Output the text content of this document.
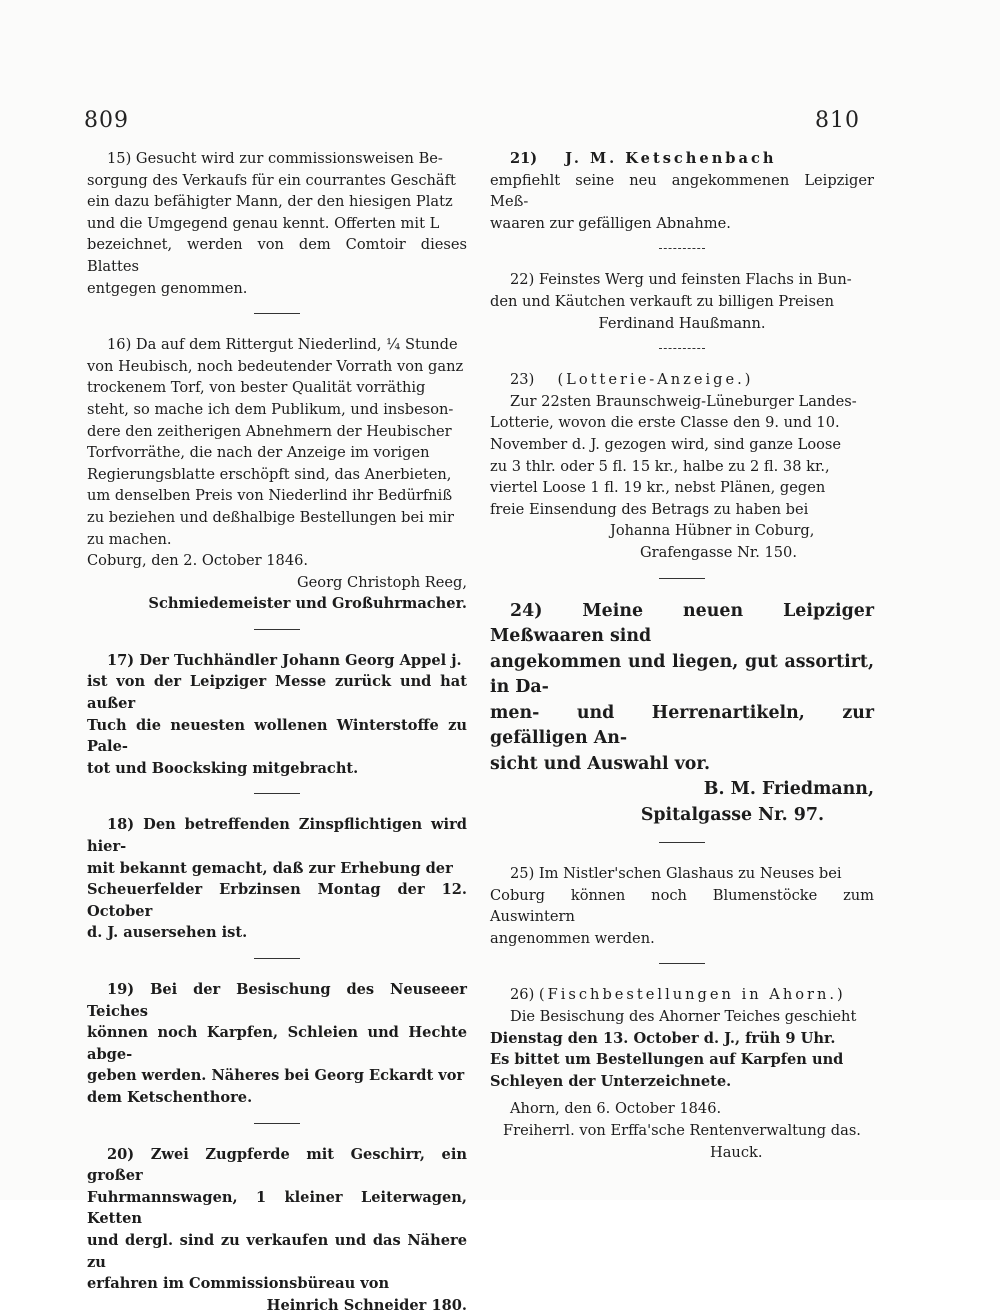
809	810

15) Gesucht wird zur commissionsweisen Be-

sorgung des Verkaufs für ein courrantes Geschäft

ein dazu befähigter Mann, der den hiesigen Platz

und die Umgegend genau kennt. Offerten mit L

bezeichnet, werden von dem Comtoir dieses Blattes

entgegen genommen.

16) Da auf dem Rittergut Niederlind, ¼ Stunde

von Heubisch, noch bedeutender Vorrath von ganz

trockenem Torf, von bester Qualität vorräthig

steht, so mache ich dem Publikum, und insbeson-

dere den zeitherigen Abnehmern der Heubischer

Torfvorräthe, die nach der Anzeige im vorigen

Regierungsblatte erschöpft sind, das Anerbieten,

um denselben Preis von Niederlind ihr Bedürfniß

zu beziehen und deßhalbige Bestellungen bei mir

zu machen.

Coburg, den 2. October 1846.

Georg Christoph Reeg,

Schmiedemeister und Großuhrmacher.

17) Der Tuchhändler Johann Georg Appel j.

ist von der Leipziger Messe zurück und hat außer

Tuch die neuesten wollenen Winterstoffe zu Pale-

tot und Boocksking mitgebracht.

18) Den betreffenden Zinspflichtigen wird hier-

mit bekannt gemacht, daß zur Erhebung der

Scheuerfelder Erbzinsen Montag der 12. October

d. J. ausersehen ist.

19) Bei der Besischung des Neuseeer Teiches

können noch Karpfen, Schleien und Hechte abge-

geben werden. Näheres bei Georg Eckardt vor

dem Ketschenthore.

20) Zwei Zugpferde mit Geschirr, ein großer

Fuhrmannswagen, 1 kleiner Leiterwagen, Ketten

und dergl. sind zu verkaufen und das Nähere zu

erfahren im Commissionsbüreau von

Heinrich Schneider 180.

21) J. M. Ketschenbach

empfiehlt seine neu angekommenen Leipziger Meß-

waaren zur gefälligen Abnahme.

22) Feinstes Werg und feinsten Flachs in Bun-

den und Käutchen verkauft zu billigen Preisen

Ferdinand Haußmann.

23) (Lotterie-Anzeige.)

Zur 22sten Braunschweig-Lüneburger Landes-

Lotterie, wovon die erste Classe den 9. und 10.

November d. J. gezogen wird, sind ganze Loose

zu 3 thlr. oder 5 fl. 15 kr., halbe zu 2 fl. 38 kr.,

viertel Loose 1 fl. 19 kr., nebst Plänen, gegen

freie Einsendung des Betrags zu haben bei

Johanna Hübner in Coburg,

Grafengasse Nr. 150.

24) Meine neuen Leipziger Meßwaaren sind

angekommen und liegen, gut assortirt, in Da-

men- und Herrenartikeln, zur gefälligen An-

sicht und Auswahl vor.

B. M. Friedmann,

Spitalgasse Nr. 97.

25) Im Nistler'schen Glashaus zu Neuses bei

Coburg können noch Blumenstöcke zum Auswintern

angenommen werden.

26) (Fischbestellungen in Ahorn.)

Die Besischung des Ahorner Teiches geschieht

Dienstag den 13. October d. J., früh 9 Uhr.

Es bittet um Bestellungen auf Karpfen und

Schleyen der Unterzeichnete.

Ahorn, den 6. October 1846.

Freiherrl. von Erffa'sche Rentenverwaltung das.

Hauck.
